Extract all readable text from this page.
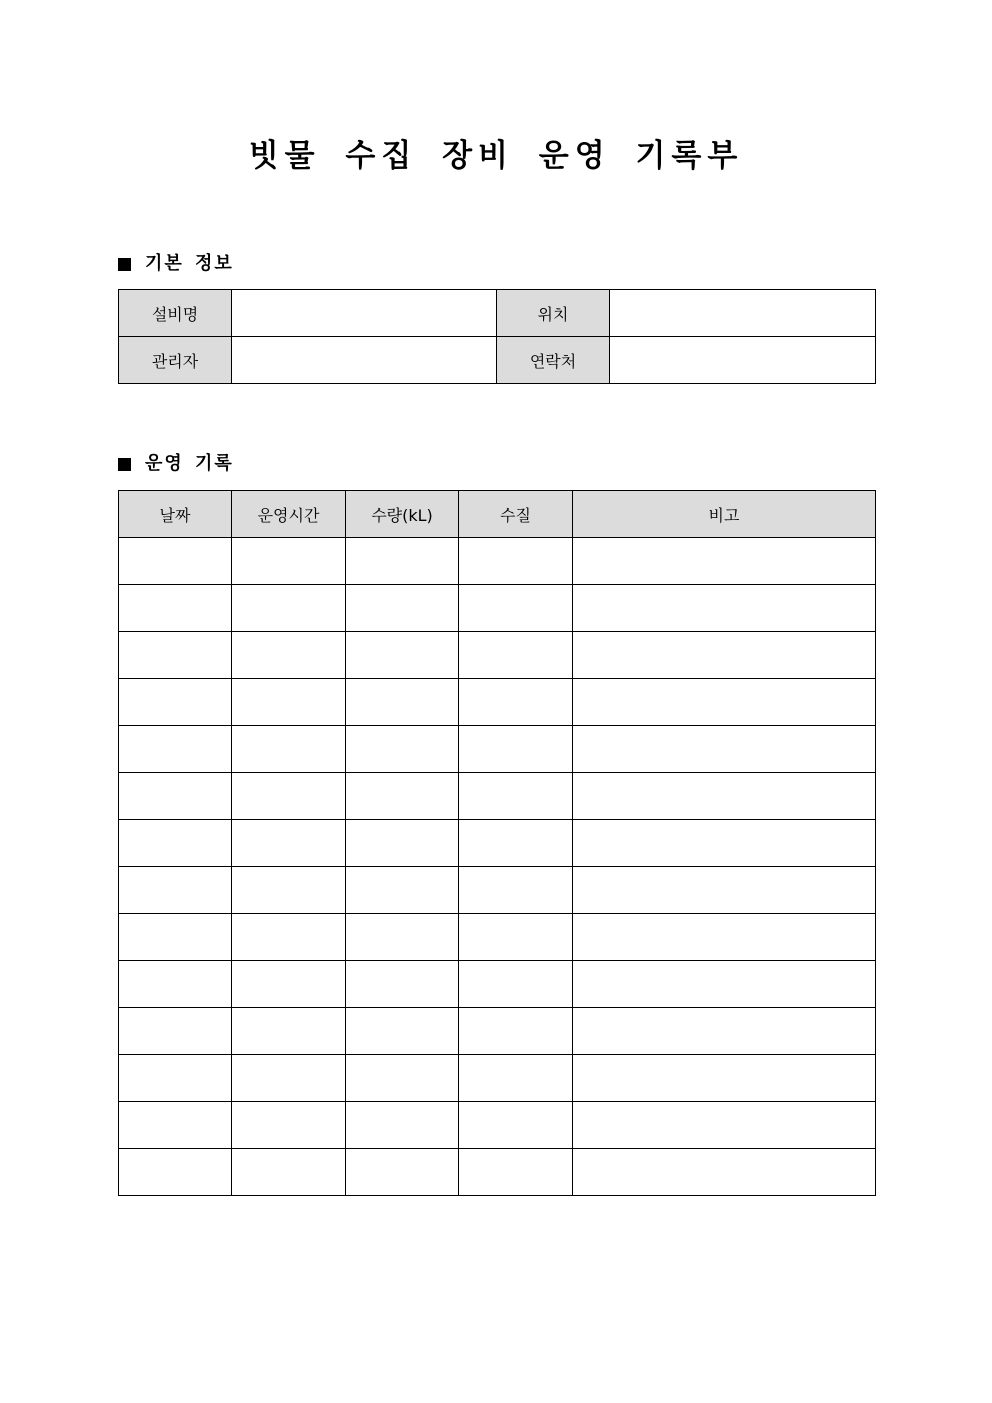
빗물 수집 장비 운영 기록부
기본 정보
설비명		위치	
관리자		연락처	
운영 기록
날짜	운영시간	수량(kL)	수질	비고
